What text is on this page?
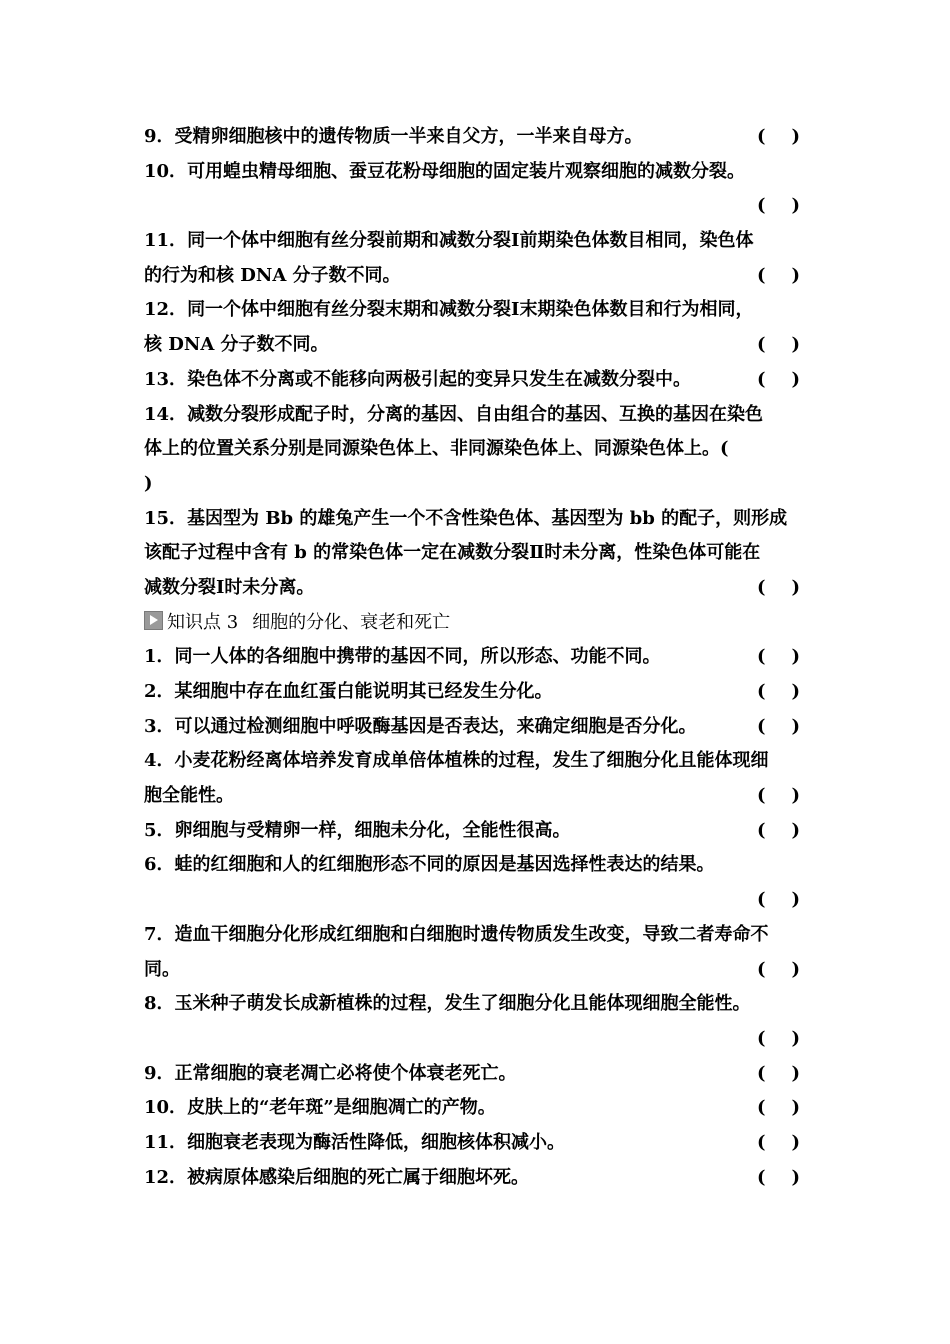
9．受精卵细胞核中的遗传物质一半来自父方，一半来自母方。	( )
10．可用蝗虫精母细胞、蚕豆花粉母细胞的固定装片观察细胞的减数分裂。
( )
11．同一个体中细胞有丝分裂前期和减数分裂Ⅰ前期染色体数目相同，染色体
的行为和核 DNA 分子数不同。	( )
12．同一个体中细胞有丝分裂末期和减数分裂Ⅰ末期染色体数目和行为相同，
核 DNA 分子数不同。	( )
13．染色体不分离或不能移向两极引起的变异只发生在减数分裂中。	( )
14．减数分裂形成配子时，分离的基因、自由组合的基因、互换的基因在染色
体上的位置关系分别是同源染色体上、非同源染色体上、同源染色体上。(
)
15．基因型为 Bb 的雄兔产生一个不含性染色体、基因型为 bb 的配子，则形成
该配子过程中含有 b 的常染色体一定在减数分裂Ⅱ时未分离，性染色体可能在
减数分裂Ⅰ时未分离。	( )
知识点 3 细胞的分化、衰老和死亡
1．同一人体的各细胞中携带的基因不同，所以形态、功能不同。	( )
2．某细胞中存在血红蛋白能说明其已经发生分化。	( )
3．可以通过检测细胞中呼吸酶基因是否表达，来确定细胞是否分化。	( )
4．小麦花粉经离体培养发育成单倍体植株的过程，发生了细胞分化且能体现细
胞全能性。	( )
5．卵细胞与受精卵一样，细胞未分化，全能性很高。	( )
6．蛙的红细胞和人的红细胞形态不同的原因是基因选择性表达的结果。
( )
7．造血干细胞分化形成红细胞和白细胞时遗传物质发生改变，导致二者寿命不
同。	( )
8．玉米种子萌发长成新植株的过程，发生了细胞分化且能体现细胞全能性。
( )
9．正常细胞的衰老凋亡必将使个体衰老死亡。	( )
10．皮肤上的“老年斑”是细胞凋亡的产物。	( )
11．细胞衰老表现为酶活性降低，细胞核体积减小。	( )
12．被病原体感染后细胞的死亡属于细胞坏死。	( )
